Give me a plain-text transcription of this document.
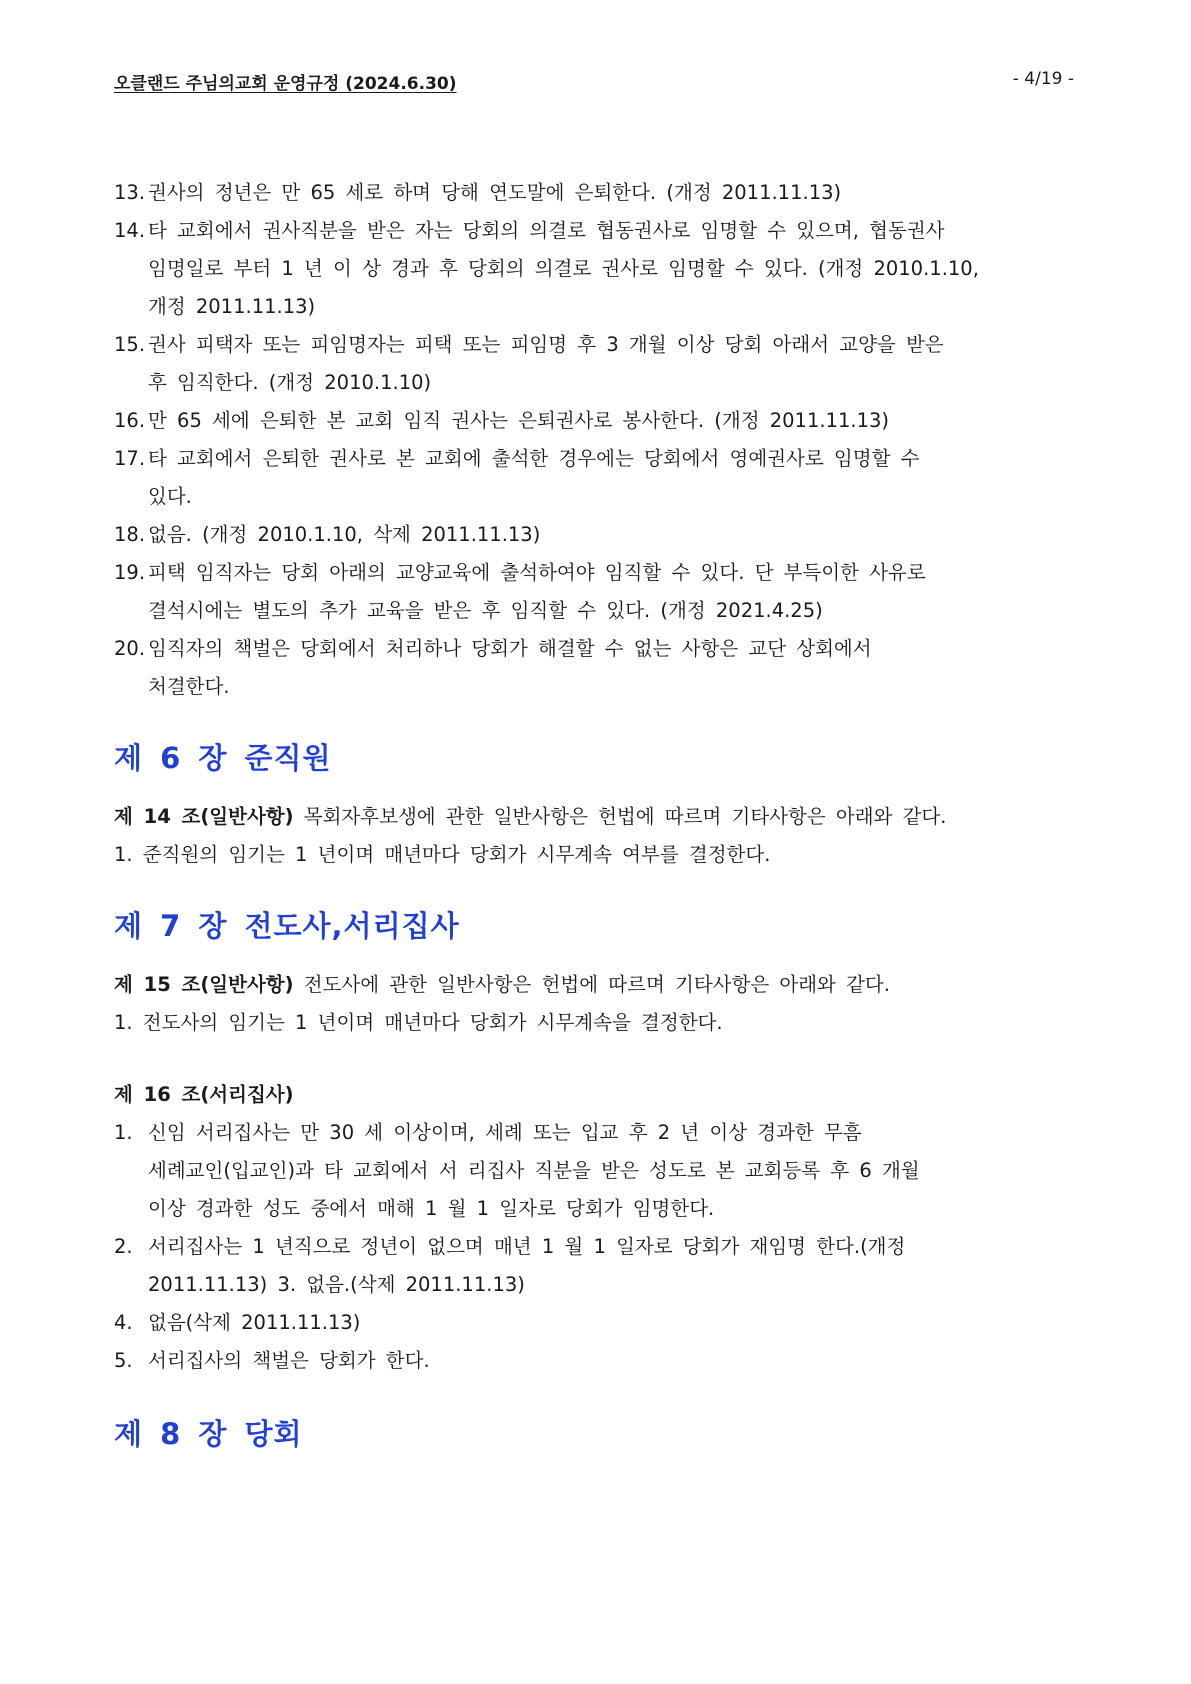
오클랜드 주님의교회 운영규정 (2024.6.30)	- 4/19 -
13. 권사의 정년은 만 65 세로 하며 당해 연도말에 은퇴한다. (개정 2011.11.13)
14. 타 교회에서 권사직분을 받은 자는 당회의 의결로 협동권사로 임명할 수 있으며, 협동권사
임명일로 부터 1 년 이 상 경과 후 당회의 의결로 권사로 임명할 수 있다. (개정 2010.1.10,
개정 2011.11.13)
15. 권사 피택자 또는 피임명자는 피택 또는 피임명 후 3 개월 이상 당회 아래서 교양을 받은
후 임직한다. (개정 2010.1.10)
16. 만 65 세에 은퇴한 본 교회 임직 권사는 은퇴권사로 봉사한다. (개정 2011.11.13)
17. 타 교회에서 은퇴한 권사로 본 교회에 출석한 경우에는 당회에서 영예권사로 임명할 수
있다.
18. 없음. (개정 2010.1.10, 삭제 2011.11.13)
19. 피택 임직자는 당회 아래의 교양교육에 출석하여야 임직할 수 있다. 단 부득이한 사유로
결석시에는 별도의 추가 교육을 받은 후 임직할 수 있다. (개정 2021.4.25)
20. 임직자의 책벌은 당회에서 처리하나 당회가 해결할 수 없는 사항은 교단 상회에서
처결한다.
제 6 장 준직원
제 14 조(일반사항) 목회자후보생에 관한 일반사항은 헌법에 따르며 기타사항은 아래와 같다.
1. 준직원의 임기는 1 년이며 매년마다 당회가 시무계속 여부를 결정한다.
제 7 장 전도사,서리집사
제 15 조(일반사항) 전도사에 관한 일반사항은 헌법에 따르며 기타사항은 아래와 같다.
1. 전도사의 임기는 1 년이며 매년마다 당회가 시무계속을 결정한다.
제 16 조(서리집사)
1. 신임 서리집사는 만 30 세 이상이며, 세례 또는 입교 후 2 년 이상 경과한 무흠
세례교인(입교인)과 타 교회에서 서 리집사 직분을 받은 성도로 본 교회등록 후 6 개월
이상 경과한 성도 중에서 매해 1 월 1 일자로 당회가 임명한다.
2. 서리집사는 1 년직으로 정년이 없으며 매년 1 월 1 일자로 당회가 재임명 한다.(개정
2011.11.13) 3. 없음.(삭제 2011.11.13)
4. 없음(삭제 2011.11.13)
5. 서리집사의 책벌은 당회가 한다.
제 8 장 당회
